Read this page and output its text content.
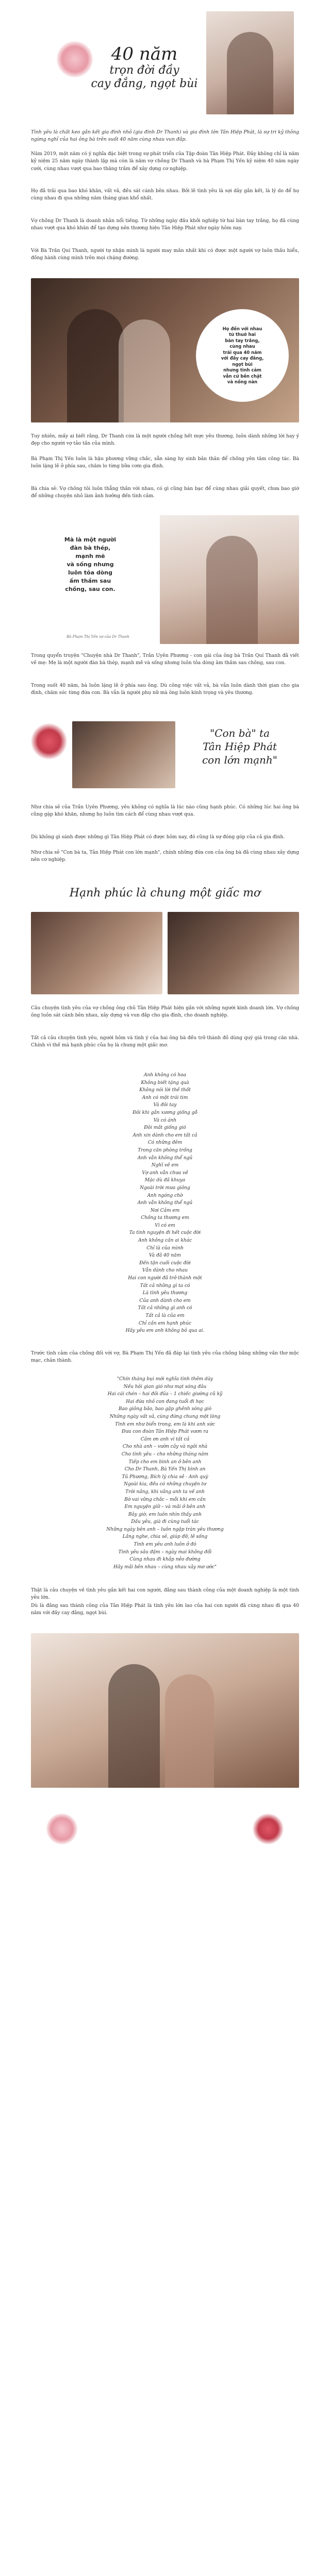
40 năm
trọn đời đầy
cay đắng, ngọt bùi

Tình yêu là chất keo gắn kết gia đình nhỏ (gia đình Dr Thanh) và gia đình lớn Tân Hiệp Phát, là sự tri kỷ thông ngừng nghỉ của hai ông bà trên suốt 40 năm cùng nhau vun đắp.

Năm 2019, một năm có ý nghĩa đặc biệt trong sự phát triển của Tập đoàn Tân Hiệp Phát. Đây không chỉ là năm kỷ niệm 25 năm ngày thành lập mà còn là năm vợ chồng Dr Thanh và bà Phạm Thị Yến kỷ niệm 40 năm ngày cưới, cùng nhau vượt qua bao thăng trầm để xây dựng cơ nghiệp.

Họ đã trải qua bao khó khăn, vất vả, đều sát cánh bên nhau. Bởi lẽ tình yêu là sợi dây gắn kết, là lý do để họ cùng nhau đi qua những năm tháng gian khổ nhất.

Vợ chồng Dr Thanh là doanh nhân nổi tiếng. Từ những ngày đầu khởi nghiệp từ hai bàn tay trắng, họ đã cùng nhau vượt qua khó khăn để tạo dựng nên thương hiệu Tân Hiệp Phát như ngày hôm nay.

Với Bà Trần Quí Thanh, người tự nhận mình là người may mắn nhất khi có được một người vợ luôn thấu hiểu, đồng hành cùng mình trên mọi chặng đường.

Họ đến với nhau
từ thuở hai
bàn tay trắng,
cùng nhau
trải qua 40 năm
với đầy cay đắng,
ngọt bùi
nhưng tình cảm
vẫn cứ bền chặt
và nồng nàn

Tuy nhiên, mấy ai biết rằng, Dr Thanh còn là một người chồng hết mực yêu thương, luôn dành những lời hay ý đẹp cho người vợ tảo tần của mình.

Bà Phạm Thị Yến luôn là hậu phương vững chắc, sẵn sàng hy sinh bản thân để chồng yên tâm công tác. Bà luôn lặng lẽ ở phía sau, chăm lo từng bữa cơm gia đình.

Bà chia sẻ: Vợ chồng tôi luôn thẳng thắn với nhau, có gì cũng bàn bạc để cùng nhau giải quyết, chưa bao giờ để những chuyện nhỏ làm ảnh hưởng đến tình cảm.

Mà là một người
đàn bà thép,
mạnh mẽ
và sống nhưng
luôn tỏa dòng
ấm thầm sau
chồng, sau con.
Bà Phạm Thị Yến vợ của Dr Thanh

Trong quyển truyện "Chuyện nhà Dr Thanh", Trần Uyên Phương - con gái của ông bà Trần Quí Thanh đã viết về mẹ: Mẹ là một người đàn bà thép, mạnh mẽ và sống nhưng luôn tỏa dòng âm thầm sau chồng, sau con.

Trong suốt 40 năm, bà luôn lặng lẽ ở phía sau ông. Dù công việc vất vả, bà vẫn luôn dành thời gian cho gia đình, chăm sóc từng đứa con. Bà vẫn là người phụ nữ mà ông luôn kính trọng và yêu thương.

"Con bà" ta
Tân Hiệp Phát
con lớn mạnh"

Như chia sẻ của Trần Uyên Phương, yêu không có nghĩa là lúc nào cũng hạnh phúc. Có những lúc hai ông bà cũng gặp khó khăn, nhưng họ luôn tìm cách để cùng nhau vượt qua.

Dù không gì sánh được những gì Tân Hiệp Phát có được hôm nay, đó cũng là sự đóng góp của cả gia đình.

Như chia sẻ "Con bà ta, Tân Hiệp Phát con lớn mạnh", chính những đứa con của ông bà đã cùng nhau xây dựng nên cơ nghiệp.

Hạnh phúc là chung một giấc mơ

Câu chuyện tình yêu của vợ chồng ông chủ Tân Hiệp Phát hiện gần với những người kinh doanh lớn. Vợ chồng ông luôn sát cánh bên nhau, xây dựng và vun đắp cho gia đình, cho doanh nghiệp.

Tất cả câu chuyện tình yêu, người hôm và tình ý của hai ông bà đều trở thành đồ dùng quý giá trong căn nhà. Chính vì thế mà hạnh phúc của họ là chung một giấc mơ.

Anh không có hoa
Không biết tặng quà
Không nói lời thề thốt
Anh có một trái tim
Và đôi tay
Đôi khi gắn xương giống gỗ
Và có ánh
Đôi mắt giống gió
Anh xin dành cho em tất cả
Có những đêm
Trong căn phòng trống
Anh vẫn không thể ngủ
Nghĩ về em
Vợ anh vẫn chưa về
Mặc dù đã khuya
Ngoài trời mưa giông
Anh ngóng chờ
Anh vẫn không thể ngủ
Nơi Cảm em
Chồng ta thương em
Vì có em
Ta tình nguyện đi hết cuộc đời
Anh không cần ai khác
Chỉ là của mình
Và đã 40 năm
Đến tận cuối cuộc đời
Vẫn dành cho nhau
Hai con người đã trở thành một
Tất cả những gì ta có
Là tình yêu thương
Của anh dành cho em
Tất cả những gì anh có
Tất cả là của em
Chỉ cần em hạnh phúc
Hãy yêu em anh không bỏ qua ai.

Trước tình cảm của chồng đối với vợ, Bà Phạm Thị Yến đã đáp lại tình yêu của chồng bằng những vần thơ mộc mạc, chân thành.

"Chín tháng bụi mới nghĩa tình thêm dày
Nếu hỏi gian gió như mạt sóng đâu
Hai cái chén – hai đôi đũa – 1 chiếc giường cũ kỹ
Hai đứa nhỏ con đang tuổi đi học
Bao giông bão, bao gập ghềnh sóng gió
Những ngày vất vả, cùng đứng chung một lòng
Tình em như biển trong, em là khi anh sức
Đưa con đoàn Tân Hiệp Phát vươn ra
Cảm ơn anh vì tất cả
Cho nhà anh – vườn cây và ngôi nhà
Cho tình yêu – cho những tháng năm
Tiếp cho em bình an ở bên anh
Cho Dr Thanh, Bà Yến Thị bình an
Tủ Phương, Bích lý chia sẻ - Anh quý
Ngoài kia, đều có những chuyện tư
Trời nắng, khi vắng anh ta về anh
Bờ vai vững chắc – mỗi khi em cần
Em nguyện giữ – và mãi ở bên anh
Bây giờ, em luôn nhìn thấy anh
Dấu yêu, già đi cùng tuổi tác
Những ngày bên anh – luôn ngập tràn yêu thương
Lắng nghe, chia sẻ, giúp đỡ, lẽ sống
Tình em yêu anh luôn ở đó
Tình yêu sâu đậm – ngày mai không đổi
Cùng nhau đi khắp nẻo đường
Hãy mãi bên nhau – cùng nhau xây mơ ước"

Thật là câu chuyện về tình yêu gắn kết hai con người, đằng sau thành công của một doanh nghiệp là một tình yêu lớn.

Dù là đằng sau thành công của Tân Hiệp Phát là tình yêu lớn lao của hai con người đã cùng nhau đi qua 40 năm với đầy cay đắng, ngọt bùi.
